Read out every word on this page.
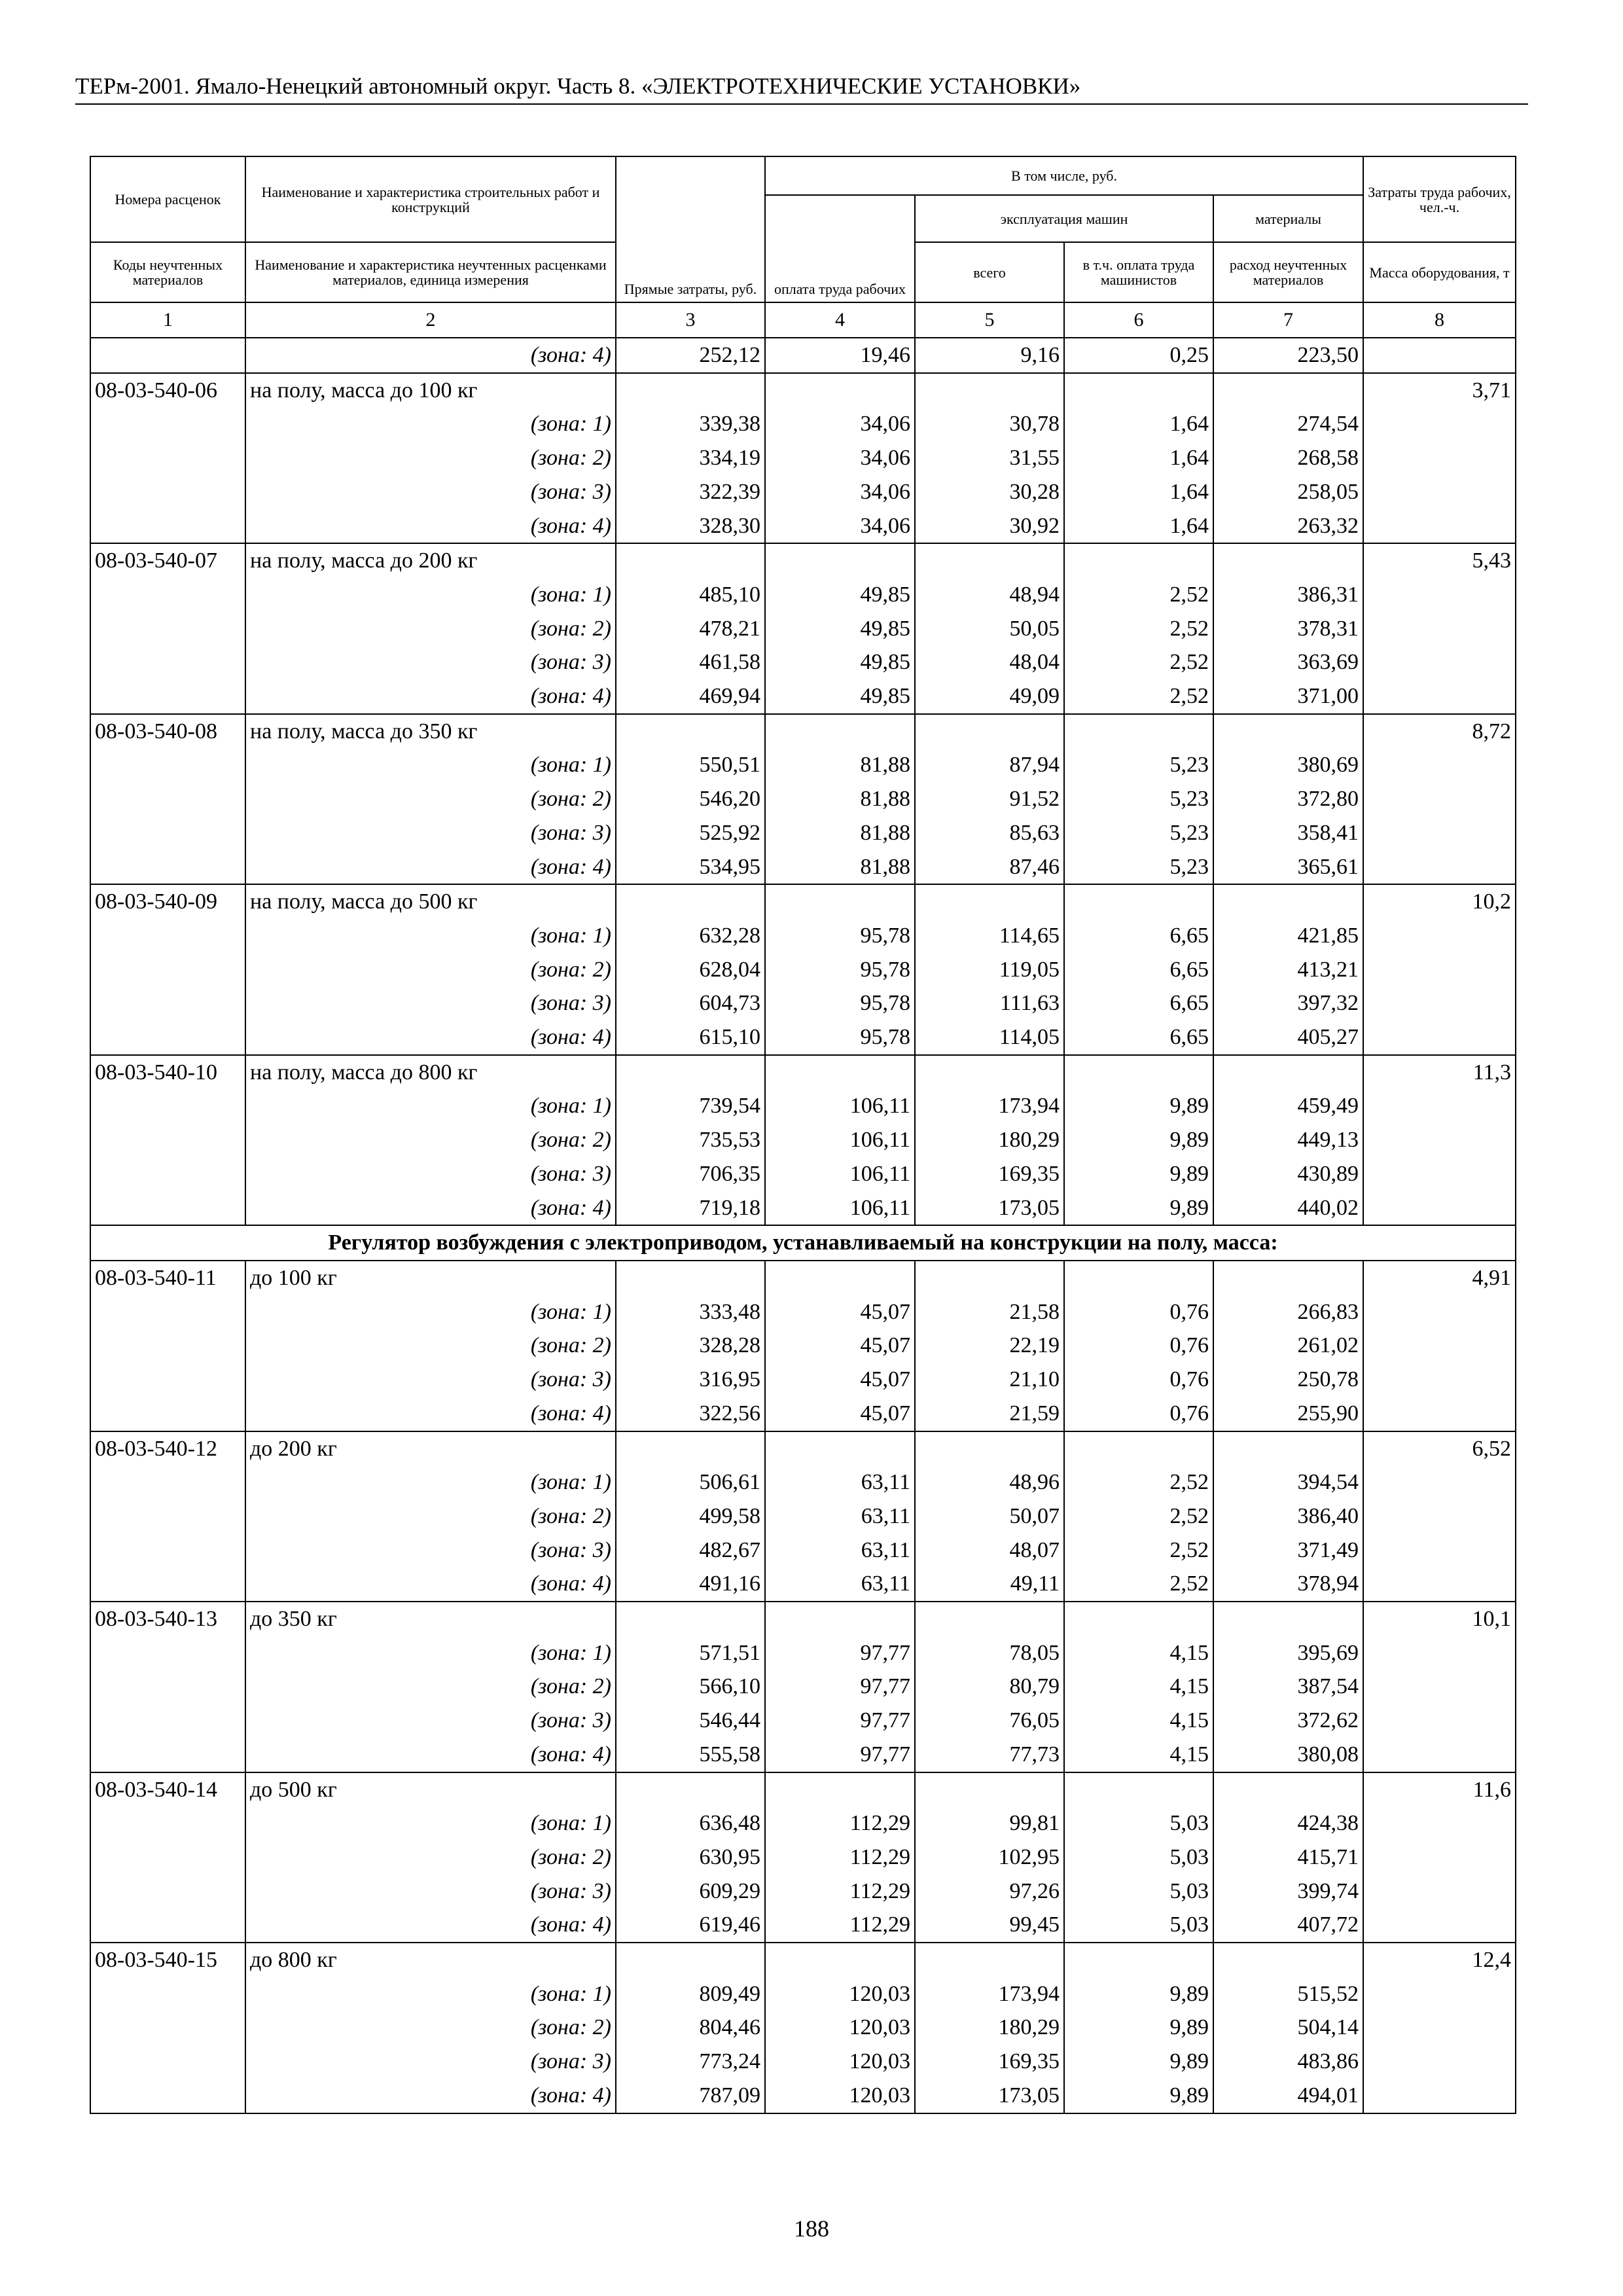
ТЕРм-2001. Ямало-Ненецкий автономный округ. Часть 8. «ЭЛЕКТРОТЕХНИЧЕСКИЕ УСТАНОВКИ»
Номера расценок	Наименование и характеристика строительных работ и конструкций	Прямые затраты, руб.	В том числе, руб.				Затраты труда рабочих, чел.-ч.
			оплата труда рабочих	эксплуатация машин		материалы	
Коды неучтенных материалов	Наименование и характеристика неучтенных расценками материалов, единица измерения			всего	в т.ч. оплата труда машинистов	расход неучтенных материалов	Масса оборудования, т
1	2	3	4	5	6	7	8
	(зона: 4)	252,12	19,46	9,16	0,25	223,50	
08-03-540-06	на полу, масса до 100 кг						3,71
	(зона: 1)	339,38	34,06	30,78	1,64	274,54	
	(зона: 2)	334,19	34,06	31,55	1,64	268,58	
	(зона: 3)	322,39	34,06	30,28	1,64	258,05	
	(зона: 4)	328,30	34,06	30,92	1,64	263,32	
08-03-540-07	на полу, масса до 200 кг						5,43
	(зона: 1)	485,10	49,85	48,94	2,52	386,31	
	(зона: 2)	478,21	49,85	50,05	2,52	378,31	
	(зона: 3)	461,58	49,85	48,04	2,52	363,69	
	(зона: 4)	469,94	49,85	49,09	2,52	371,00	
08-03-540-08	на полу, масса до 350 кг						8,72
	(зона: 1)	550,51	81,88	87,94	5,23	380,69	
	(зона: 2)	546,20	81,88	91,52	5,23	372,80	
	(зона: 3)	525,92	81,88	85,63	5,23	358,41	
	(зона: 4)	534,95	81,88	87,46	5,23	365,61	
08-03-540-09	на полу, масса до 500 кг						10,2
	(зона: 1)	632,28	95,78	114,65	6,65	421,85	
	(зона: 2)	628,04	95,78	119,05	6,65	413,21	
	(зона: 3)	604,73	95,78	111,63	6,65	397,32	
	(зона: 4)	615,10	95,78	114,05	6,65	405,27	
08-03-540-10	на полу, масса до 800 кг						11,3
	(зона: 1)	739,54	106,11	173,94	9,89	459,49	
	(зона: 2)	735,53	106,11	180,29	9,89	449,13	
	(зона: 3)	706,35	106,11	169,35	9,89	430,89	
	(зона: 4)	719,18	106,11	173,05	9,89	440,02	
Регулятор возбуждения с электроприводом, устанавливаемый на конструкции на полу, масса:							
08-03-540-11	до 100 кг						4,91
	(зона: 1)	333,48	45,07	21,58	0,76	266,83	
	(зона: 2)	328,28	45,07	22,19	0,76	261,02	
	(зона: 3)	316,95	45,07	21,10	0,76	250,78	
	(зона: 4)	322,56	45,07	21,59	0,76	255,90	
08-03-540-12	до 200 кг						6,52
	(зона: 1)	506,61	63,11	48,96	2,52	394,54	
	(зона: 2)	499,58	63,11	50,07	2,52	386,40	
	(зона: 3)	482,67	63,11	48,07	2,52	371,49	
	(зона: 4)	491,16	63,11	49,11	2,52	378,94	
08-03-540-13	до 350 кг						10,1
	(зона: 1)	571,51	97,77	78,05	4,15	395,69	
	(зона: 2)	566,10	97,77	80,79	4,15	387,54	
	(зона: 3)	546,44	97,77	76,05	4,15	372,62	
	(зона: 4)	555,58	97,77	77,73	4,15	380,08	
08-03-540-14	до 500 кг						11,6
	(зона: 1)	636,48	112,29	99,81	5,03	424,38	
	(зона: 2)	630,95	112,29	102,95	5,03	415,71	
	(зона: 3)	609,29	112,29	97,26	5,03	399,74	
	(зона: 4)	619,46	112,29	99,45	5,03	407,72	
08-03-540-15	до 800 кг						12,4
	(зона: 1)	809,49	120,03	173,94	9,89	515,52	
	(зона: 2)	804,46	120,03	180,29	9,89	504,14	
	(зона: 3)	773,24	120,03	169,35	9,89	483,86	
	(зона: 4)	787,09	120,03	173,05	9,89	494,01	
188
